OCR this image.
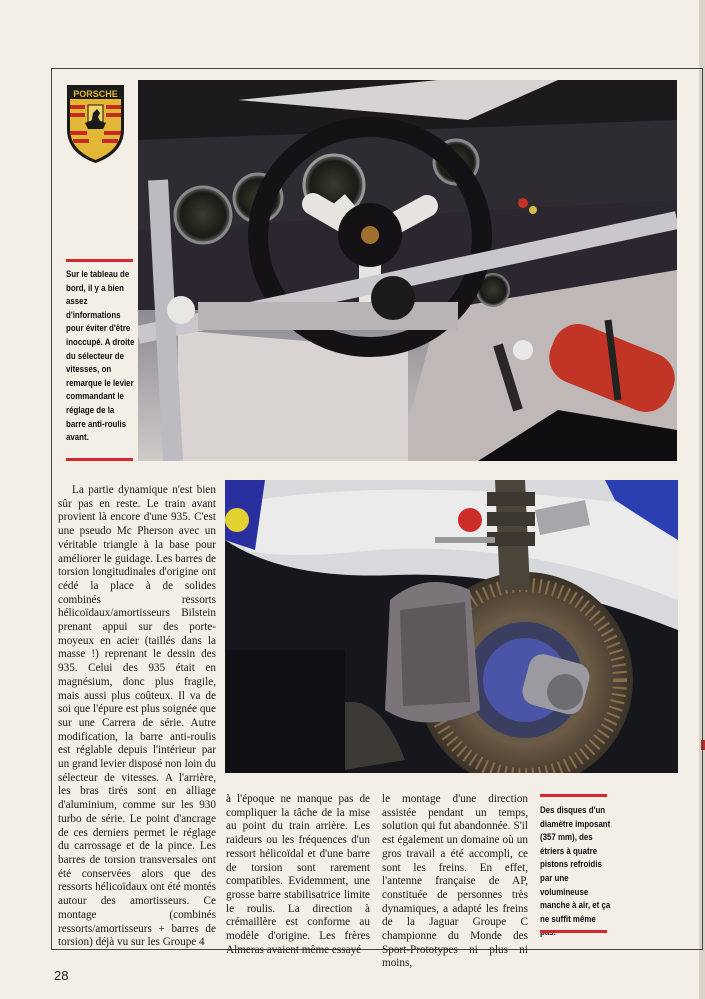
PORSCHE
Sur le tableau de bord, il y a bien assez d'informations pour éviter d'être inoccupé. A droite du sélecteur de vitesses, on remarque le levier commandant le réglage de la barre anti-roulis avant.

La partie dynamique n'est bien sûr pas en reste. Le train avant provient là encore d'une 935. C'est une pseudo Mc Pherson avec un véritable triangle à la base pour améliorer le guidage. Les barres de torsion longitudinales d'origine ont cédé la place à de solides combinés ressorts hélicoïdaux/amortisseurs Bilstein prenant appui sur des porte-moyeux en acier (taillés dans la masse !) reprenant le dessin des 935. Celui des 935 était en magnésium, donc plus fragile, mais aussi plus coûteux. Il va de soi que l'épure est plus soignée que sur une Carrera de série. Autre modification, la barre anti-roulis est réglable depuis l'intérieur par un grand levier disposé non loin du sélecteur de vitesses. A l'arrière, les bras tirés sont en alliage d'aluminium, comme sur les 930 turbo de série. Le point d'ancrage de ces derniers permet le réglage du carrossage et de la pince. Les barres de torsion transversales ont été conservées alors que des ressorts hélicoïdaux ont été montés autour des amortisseurs. Ce montage (combinés ressorts/amortisseurs + barres de torsion) déjà vu sur les Groupe 4

à l'époque ne manque pas de compliquer la tâche de la mise au point du train arrière. Les raideurs ou les fréquences d'un ressort hélicoïdal et d'une barre de torsion sont rarement compatibles. Evidemment, une grosse barre stabilisatrice limite le roulis. La direction à crémaillère est conforme au modèle d'origine. Les frères Almeras avaient même essayé

le montage d'une direction assistée pendant un temps, solution qui fut abandonnée. S'il est également un domaine où un gros travail a été accompli, ce sont les freins. En effet, l'antenne française de AP, constituée de personnes très dynamiques, a adapté les freins de la Jaguar Groupe C championne du Monde des Sport-Prototypes ni plus ni moins,

Des disques d'un diamètre imposant (357 mm), des étriers à quatre pistons refroidis par une volumineuse manche à air, et ça ne suffit même
28
